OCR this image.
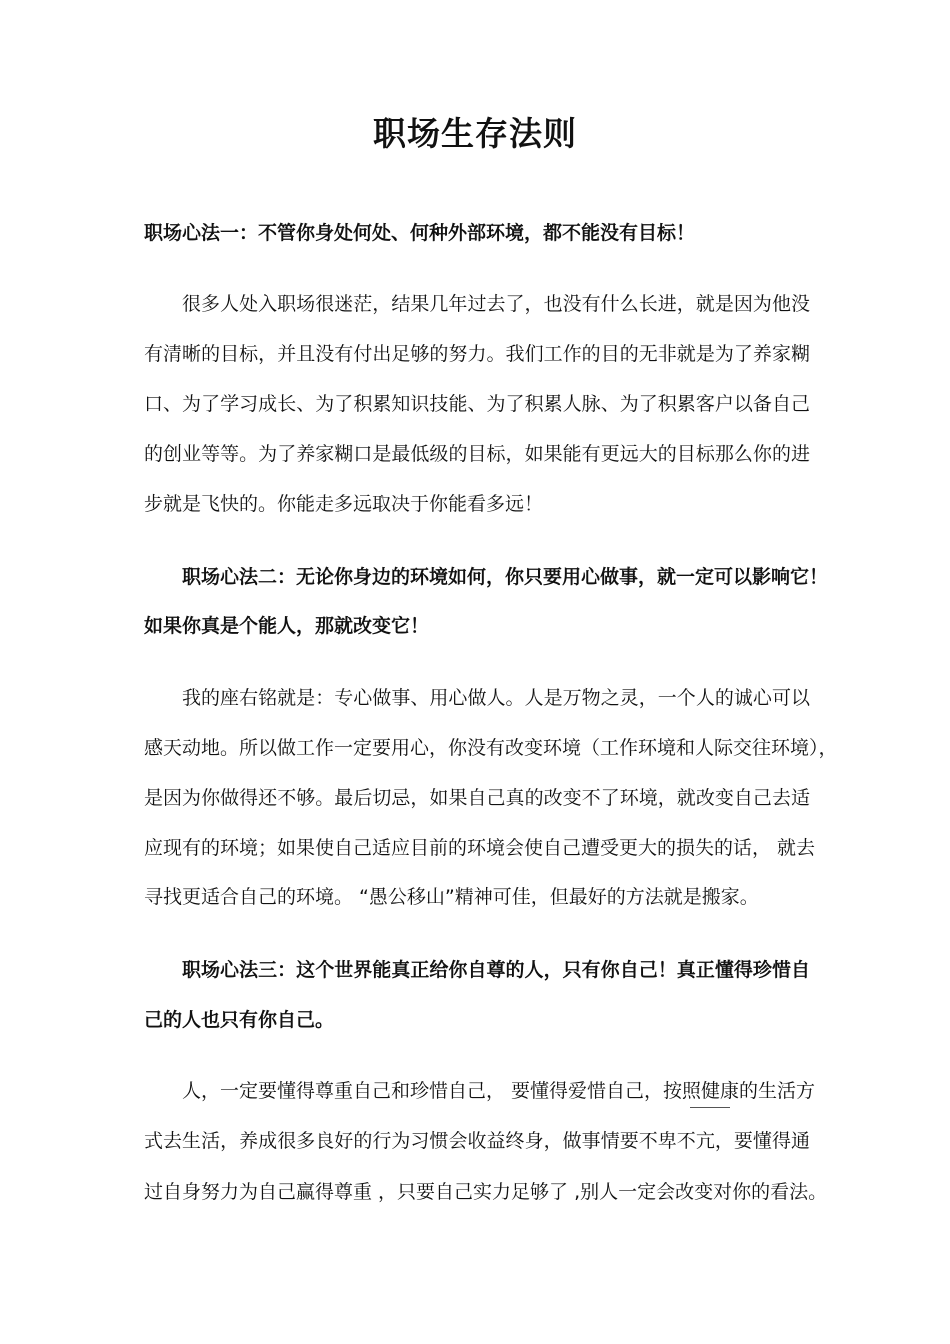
职场生存法则
职场心法一：不管你身处何处、何种外部环境，都不能没有目标！
很多人处入职场很迷茫，结果几年过去了，也没有什么长进，就是因为他没
有清晰的目标，并且没有付出足够的努力。我们工作的目的无非就是为了养家糊
口、为了学习成长、为了积累知识技能、为了积累人脉、为了积累客户以备自己
的创业等等。为了养家糊口是最低级的目标，如果能有更远大的目标那么你的进
步就是飞快的。你能走多远取决于你能看多远！
职场心法二：无论你身边的环境如何，你只要用心做事，就一定可以影响它！
如果你真是个能人，那就改变它！
我的座右铭就是：专心做事、用心做人。人是万物之灵，一个人的诚心可以
感天动地。所以做工作一定要用心，你没有改变环境（工作环境和人际交往环境），
是因为你做得还不够。最后切忌，如果自己真的改变不了环境，就改变自己去适
应现有的环境；如果使自己适应目前的环境会使自己遭受更大的损失的话， 就去
寻找更适合自己的环境。 “愚公移山”精神可佳，但最好的方法就是搬家。
职场心法三：这个世界能真正给你自尊的人，只有你自己！真正懂得珍惜自
己的人也只有你自己。
人，一定要懂得尊重自己和珍惜自己， 要懂得爱惜自己，按照健康的生活方
式去生活，养成很多良好的行为习惯会收益终身，做事情要不卑不亢，要懂得通
过自身努力为自己赢得尊重 ，只要自己实力足够了 ,别人一定会改变对你的看法。
